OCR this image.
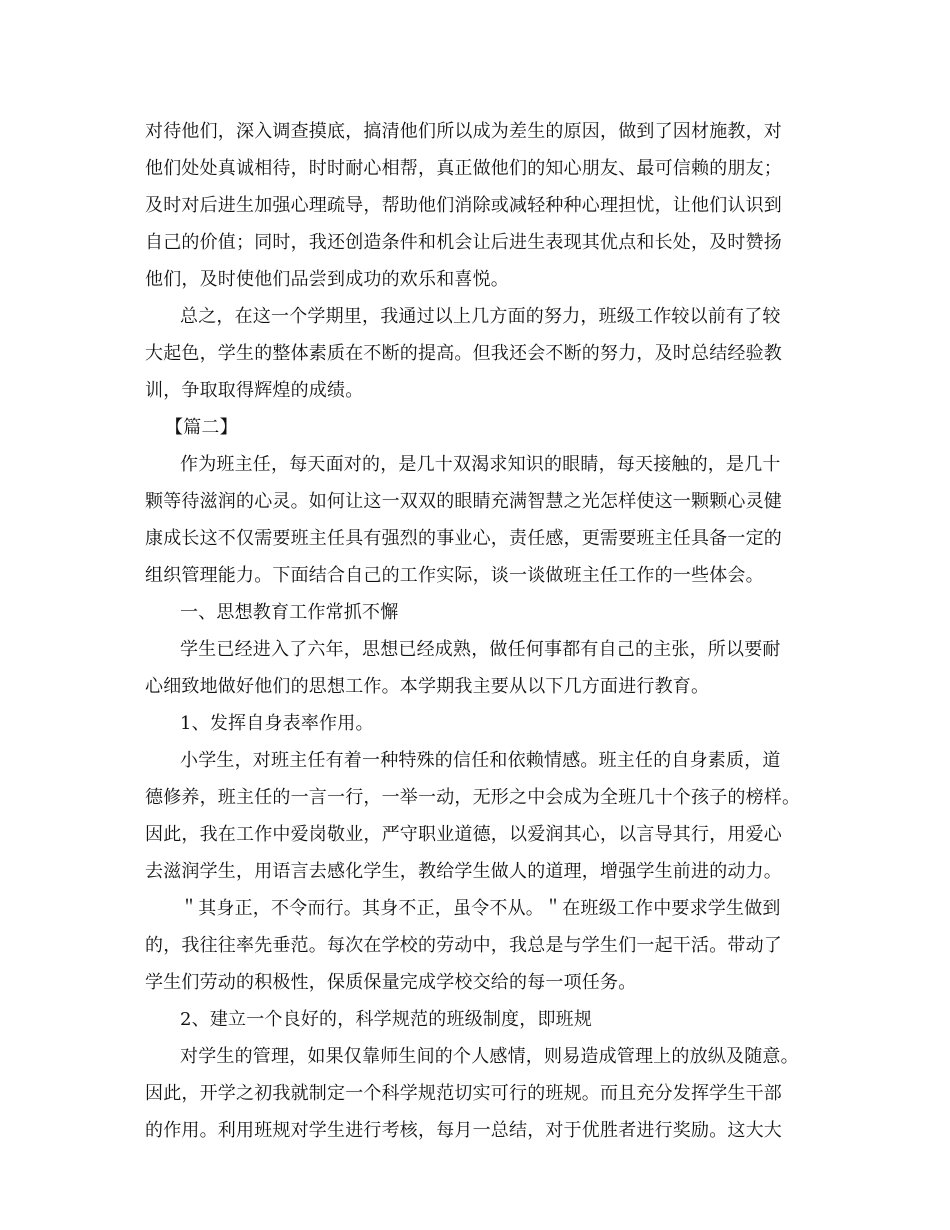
对待他们，深入调查摸底，搞清他们所以成为差生的原因，做到了因材施教，对
他们处处真诚相待，时时耐心相帮，真正做他们的知心朋友、最可信赖的朋友；
及时对后进生加强心理疏导，帮助他们消除或减轻种种心理担忧，让他们认识到
自己的价值；同时，我还创造条件和机会让后进生表现其优点和长处，及时赞扬
他们，及时使他们品尝到成功的欢乐和喜悦。
总之，在这一个学期里，我通过以上几方面的努力，班级工作较以前有了较
大起色，学生的整体素质在不断的提高。但我还会不断的努力，及时总结经验教
训，争取取得辉煌的成绩。
【篇二】
作为班主任，每天面对的，是几十双渴求知识的眼睛，每天接触的，是几十
颗等待滋润的心灵。如何让这一双双的眼睛充满智慧之光怎样使这一颗颗心灵健
康成长这不仅需要班主任具有强烈的事业心，责任感，更需要班主任具备一定的
组织管理能力。下面结合自己的工作实际，谈一谈做班主任工作的一些体会。
一、思想教育工作常抓不懈
学生已经进入了六年，思想已经成熟，做任何事都有自己的主张，所以要耐
心细致地做好他们的思想工作。本学期我主要从以下几方面进行教育。
1、发挥自身表率作用。
小学生，对班主任有着一种特殊的信任和依赖情感。班主任的自身素质，道
德修养，班主任的一言一行，一举一动，无形之中会成为全班几十个孩子的榜样。
因此，我在工作中爱岗敬业，严守职业道德，以爱润其心，以言导其行，用爱心
去滋润学生，用语言去感化学生，教给学生做人的道理，增强学生前进的动力。
＂其身正，不令而行。其身不正，虽令不从。＂在班级工作中要求学生做到
的，我往往率先垂范。每次在学校的劳动中，我总是与学生们一起干活。带动了
学生们劳动的积极性，保质保量完成学校交给的每一项任务。
2、建立一个良好的，科学规范的班级制度，即班规
对学生的管理，如果仅靠师生间的个人感情，则易造成管理上的放纵及随意。
因此，开学之初我就制定一个科学规范切实可行的班规。而且充分发挥学生干部
的作用。利用班规对学生进行考核，每月一总结，对于优胜者进行奖励。这大大
